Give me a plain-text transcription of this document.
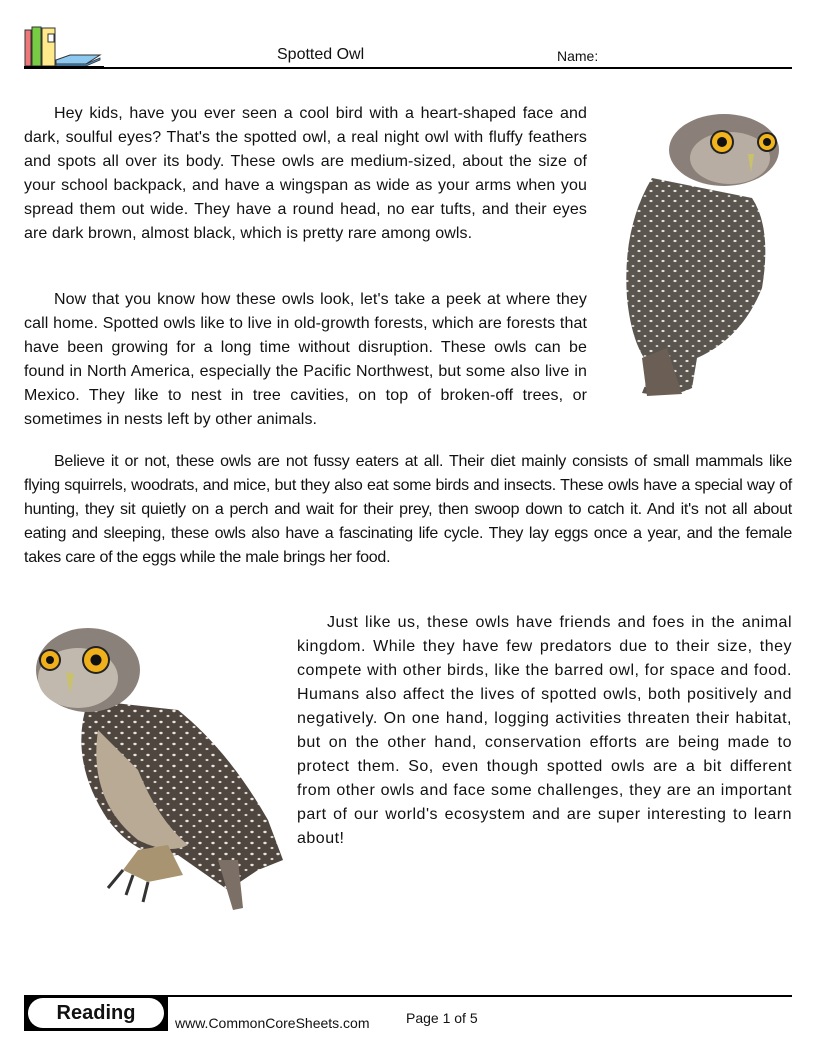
Spotted Owl	Name:

Hey kids, have you ever seen a cool bird with a heart-shaped face and dark, soulful eyes? That's the spotted owl, a real night owl with fluffy feathers and spots all over its body. These owls are medium-sized, about the size of your school backpack, and have a wingspan as wide as your arms when you spread them out wide. They have a round head, no ear tufts, and their eyes are dark brown, almost black, which is pretty rare among owls.

Now that you know how these owls look, let's take a peek at where they call home. Spotted owls like to live in old-growth forests, which are forests that have been growing for a long time without disruption. These owls can be found in North America, especially the Pacific Northwest, but some also live in Mexico. They like to nest in tree cavities, on top of broken-off trees, or sometimes in nests left by other animals.

Believe it or not, these owls are not fussy eaters at all. Their diet mainly consists of small mammals like flying squirrels, woodrats, and mice, but they also eat some birds and insects. These owls have a special way of hunting, they sit quietly on a perch and wait for their prey, then swoop down to catch it. And it's not all about eating and sleeping, these owls also have a fascinating life cycle. They lay eggs once a year, and the female takes care of the eggs while the male brings her food.

Just like us, these owls have friends and foes in the animal kingdom. While they have few predators due to their size, they compete with other birds, like the barred owl, for space and food. Humans also affect the lives of spotted owls, both positively and negatively. On one hand, logging activities threaten their habitat, but on the other hand, conservation efforts are being made to protect them. So, even though spotted owls are a bit different from other owls and face some challenges, they are an important part of our world's ecosystem and are super interesting to learn about!

Reading	www.CommonCoreSheets.com	Page 1 of 5
